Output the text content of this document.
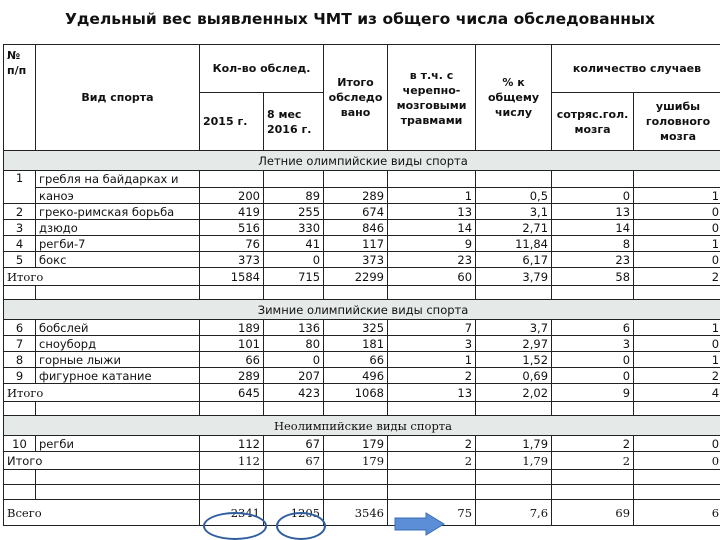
Удельный вес выявленных ЧМТ из общего числа обследованных
№ п/п	Вид спорта	Кол-во обслед.		Итого обследо вано	в т.ч. с черепно-мозговыми травмами	% к общему числу	количество случаев	
		2015 г.	8 мес 2016 г.				сотряс.гол. мозга	ушибы головного мозга
Летние олимпийские виды спорта								
1	гребля на байдарках и							
	каноэ	200	89	289	1	0,5	0	1
2	греко-римская борьба	419	255	674	13	3,1	13	0
3	дзюдо	516	330	846	14	2,71	14	0
4	регби-7	76	41	117	9	11,84	8	1
5	бокс	373	0	373	23	6,17	23	0
Итого		1584	715	2299	60	3,79	58	2

Зимние олимпийские виды спорта								
6	бобслей	189	136	325	7	3,7	6	1
7	сноуборд	101	80	181	3	2,97	3	0
8	горные лыжи	66	0	66	1	1,52	0	1
9	фигурное катание	289	207	496	2	0,69	0	2
Итого		645	423	1068	13	2,02	9	4

Неолимпийские виды спорта								
10	регби	112	67	179	2	1,79	2	0
Итого		112	67	179	2	1,79	2	0

Всего		2341	1205	3546	75	7,6	69	6
